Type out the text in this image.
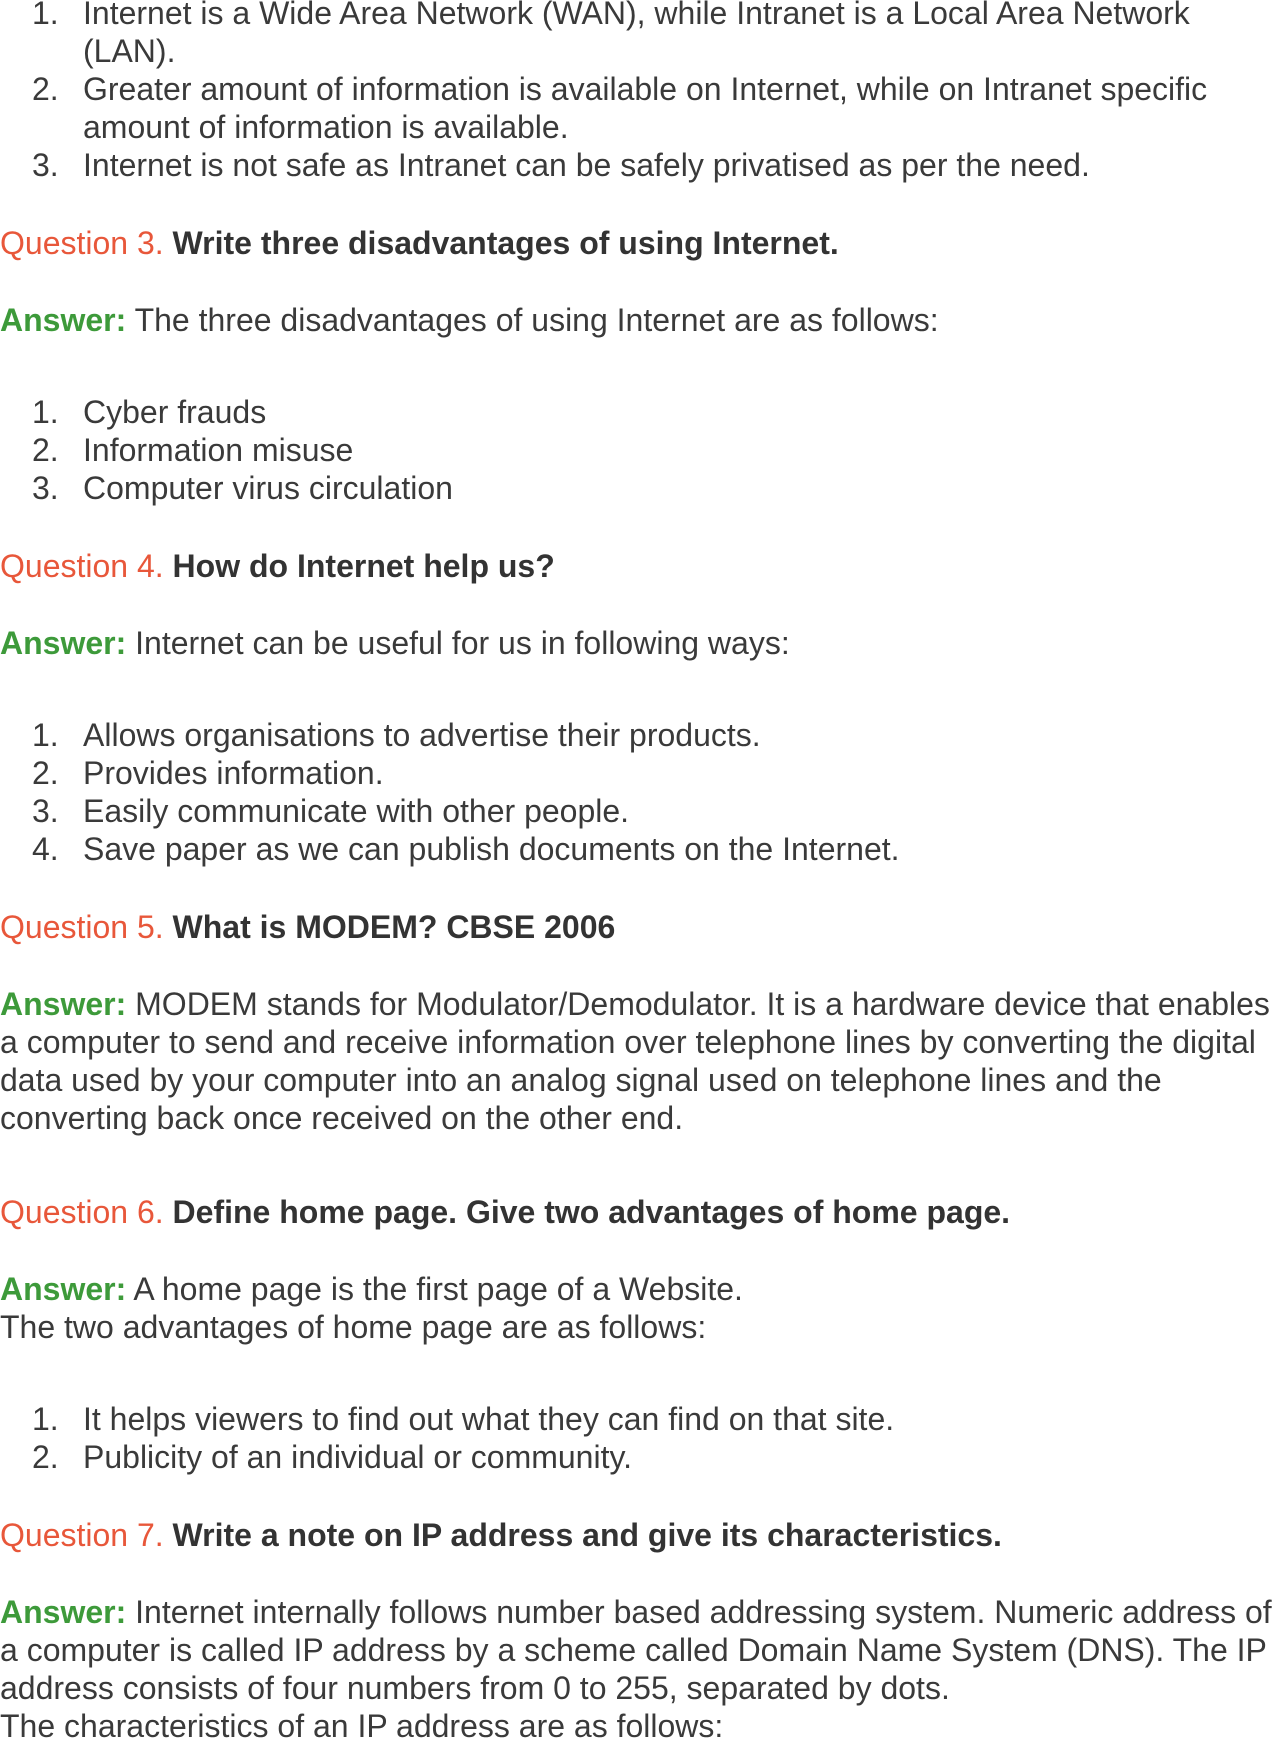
1. Internet is a Wide Area Network (WAN), while Intranet is a Local Area Network (LAN).
2. Greater amount of information is available on Internet, while on Intranet specific amount of information is available.
3. Internet is not safe as Intranet can be safely privatised as per the need.

Question 3. Write three disadvantages of using Internet.

Answer: The three disadvantages of using Internet are as follows:

1. Cyber frauds
2. Information misuse
3. Computer virus circulation

Question 4. How do Internet help us?

Answer: Internet can be useful for us in following ways:

1. Allows organisations to advertise their products.
2. Provides information.
3. Easily communicate with other people.
4. Save paper as we can publish documents on the Internet.

Question 5. What is MODEM? CBSE 2006

Answer: MODEM stands for Modulator/Demodulator. It is a hardware device that enables a computer to send and receive information over telephone lines by converting the digital data used by your computer into an analog signal used on telephone lines and the converting back once received on the other end.

Question 6. Define home page. Give two advantages of home page.

Answer: A home page is the first page of a Website.

The two advantages of home page are as follows:

1. It helps viewers to find out what they can find on that site.
2. Publicity of an individual or community.

Question 7. Write a note on IP address and give its characteristics.

Answer: Internet internally follows number based addressing system. Numeric address of a computer is called IP address by a scheme called Domain Name System (DNS). The IP address consists of four numbers from 0 to 255, separated by dots.

The characteristics of an IP address are as follows:
